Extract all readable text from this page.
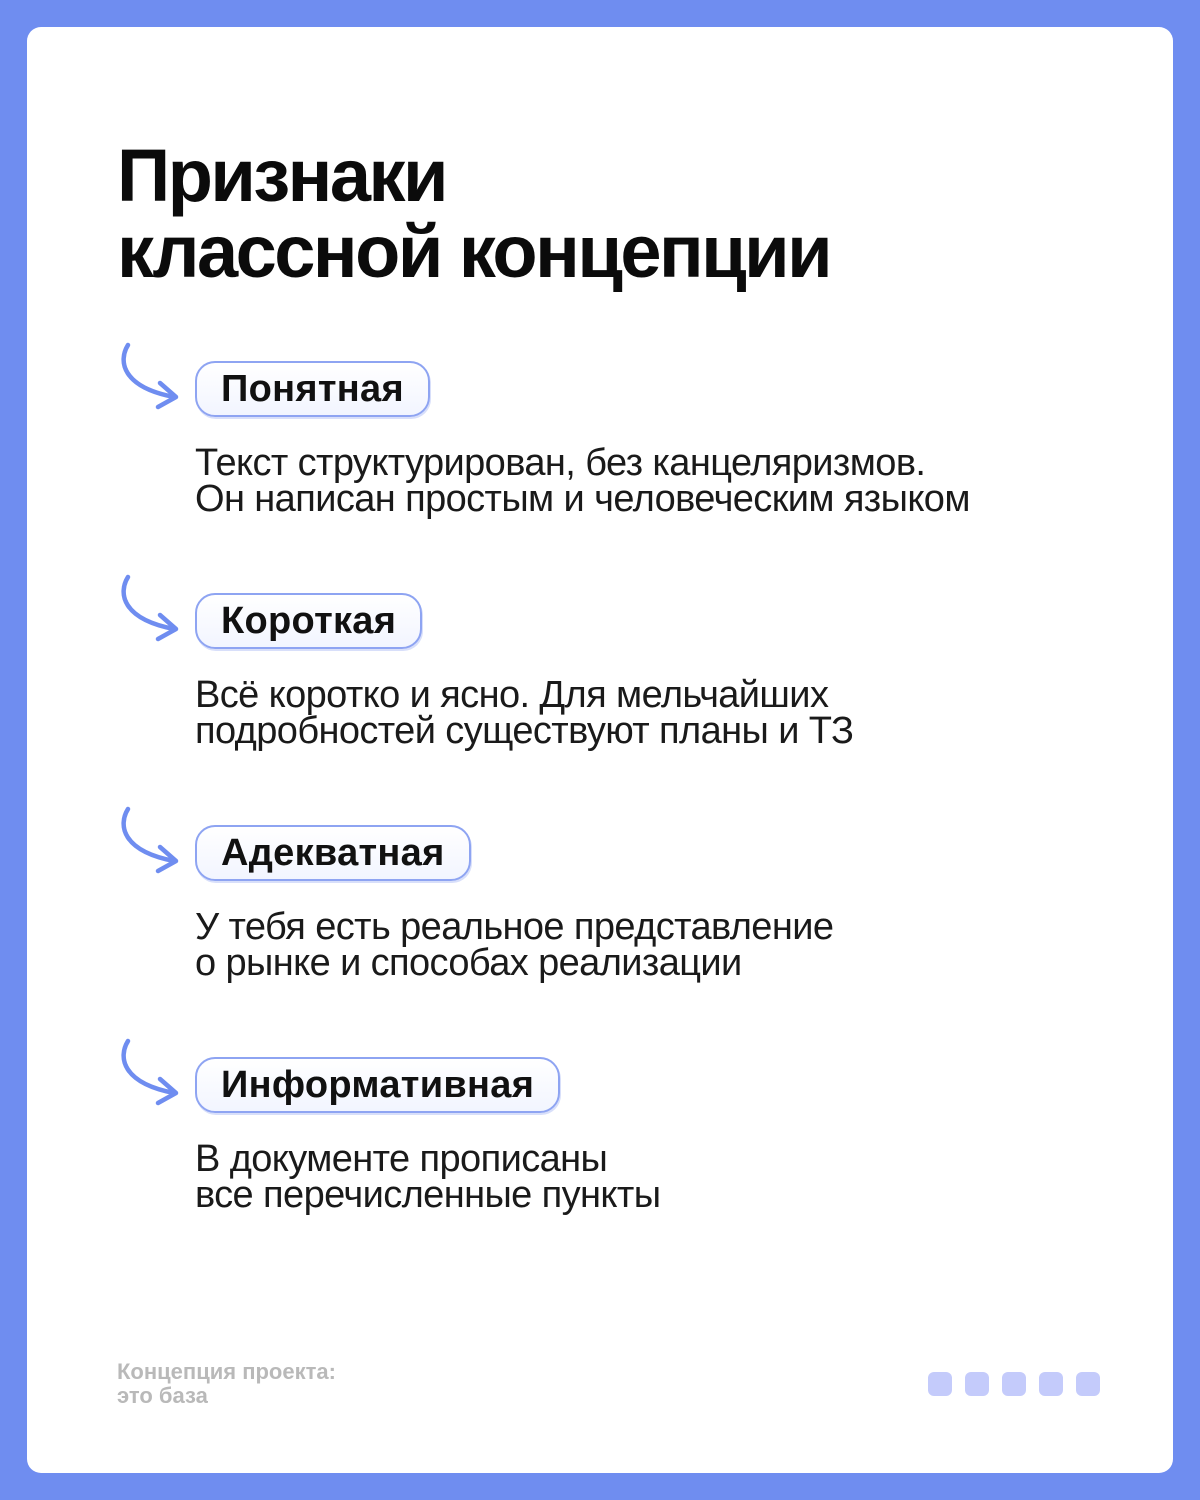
Признаки
классной концепции
Понятная

Текст структурирован, без канцеляризмов.
Он написан простым и человеческим языком

Короткая

Всё коротко и ясно. Для мельчайших
подробностей существуют планы и ТЗ

Адекватная

У тебя есть реальное представление
о рынке и способах реализации

Информативная

В документе прописаны
все перечисленные пункты

Концепция проекта:
это база
